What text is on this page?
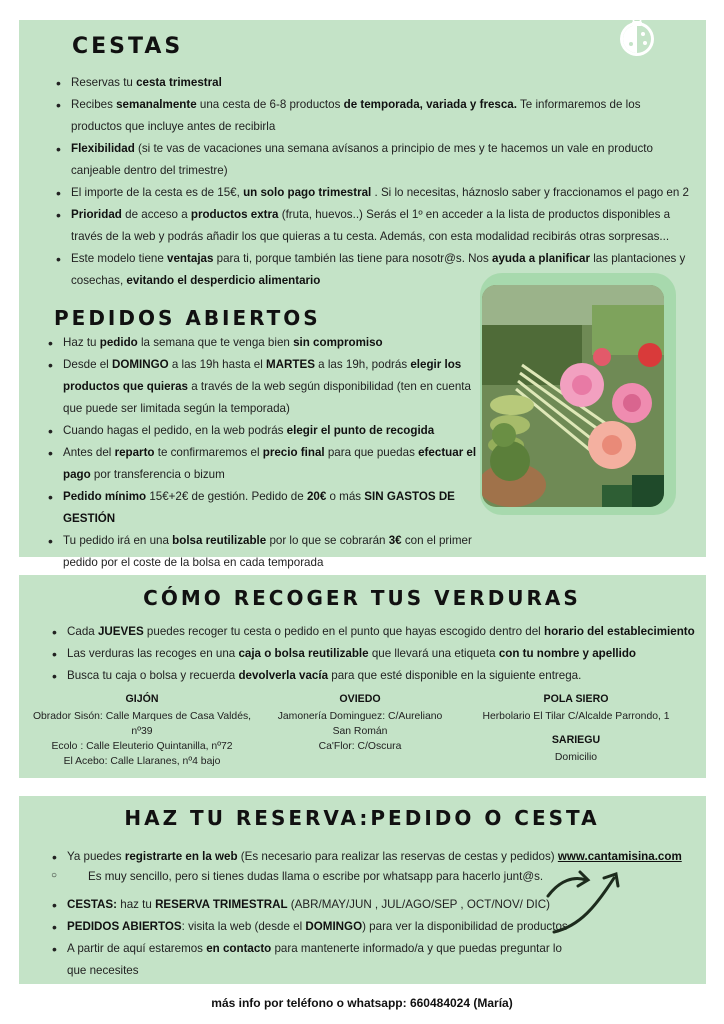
CESTAS
• Reservas tu cesta trimestral
• Recibes semanalmente una cesta de 6-8 productos de temporada, variada y fresca. Te informaremos de los productos que incluye antes de recibirla
• Flexibilidad (si te vas de vacaciones una semana avísanos a principio de mes y te hacemos un vale en producto canjeable dentro del trimestre)
• El importe de la cesta es de 15€, un solo pago trimestral . Si lo necesitas, háznoslo saber y fraccionamos el pago en 2
• Prioridad de acceso a productos extra (fruta, huevos..) Serás el 1º en acceder a la lista de productos disponibles a través de la web y podrás añadir los que quieras a tu cesta. Además, con esta modalidad recibirás otras sorpresas...
• Este modelo tiene ventajas para ti, porque también las tiene para nosotr@s. Nos ayuda a planificar las plantaciones y cosechas, evitando el desperdicio alimentario
PEDIDOS ABIERTOS
• Haz tu pedido la semana que te venga bien sin compromiso
• Desde el DOMINGO a las 19h hasta el MARTES a las 19h, podrás elegir los productos que quieras a través de la web según disponibilidad (ten en cuenta que puede ser limitada según la temporada)
• Cuando hagas el pedido, en la web podrás elegir el punto de recogida
• Antes del reparto te confirmaremos el precio final para que puedas efectuar el pago por transferencia o bizum
• Pedido mínimo 15€+2€ de gestión. Pedido de 20€ o más SIN GASTOS DE GESTIÓN
• Tu pedido irá en una bolsa reutilizable por lo que se cobrarán 3€ con el primer pedido por el coste de la bolsa en cada temporada
CÓMO RECOGER TUS VERDURAS
• Cada JUEVES puedes recoger tu cesta o pedido en el punto que hayas escogido dentro del horario del establecimiento
• Las verduras las recoges en una caja o bolsa reutilizable que llevará una etiqueta con tu nombre y apellido
• Busca tu caja o bolsa y recuerda devolverla vacía para que esté disponible en la siguiente entrega.
GIJÓN
Obrador Sisón: Calle Marques de Casa Valdés, nº39
Ecolo : Calle Eleuterio Quintanilla, nº72
El Acebo: Calle Llaranes, nº4 bajo
OVIEDO
Jamonería Dominguez: C/Aureliano
San Román
Ca'Flor: C/Oscura
POLA SIERO
Herbolario El Tilar C/Alcalde Parrondo, 1
SARIEGU
Domicilio
HAZ TU RESERVA:PEDIDO O CESTA
• Ya puedes registrarte en la web (Es necesario para realizar las reservas de cestas y pedidos) www.cantamisina.com
○ Es muy sencillo, pero si tienes dudas llama o escribe por whatsapp para hacerlo junt@s.
• CESTAS: haz tu RESERVA TRIMESTRAL (ABR/MAY/JUN , JUL/AGO/SEP , OCT/NOV/ DIC)
• PEDIDOS ABIERTOS: visita la web (desde el DOMINGO) para ver la disponibilidad de productos
• A partir de aquí estaremos en contacto para mantenerte informado/a y que puedas preguntar lo que necesites
más info por teléfono o whatsapp: 660484024 (María)
